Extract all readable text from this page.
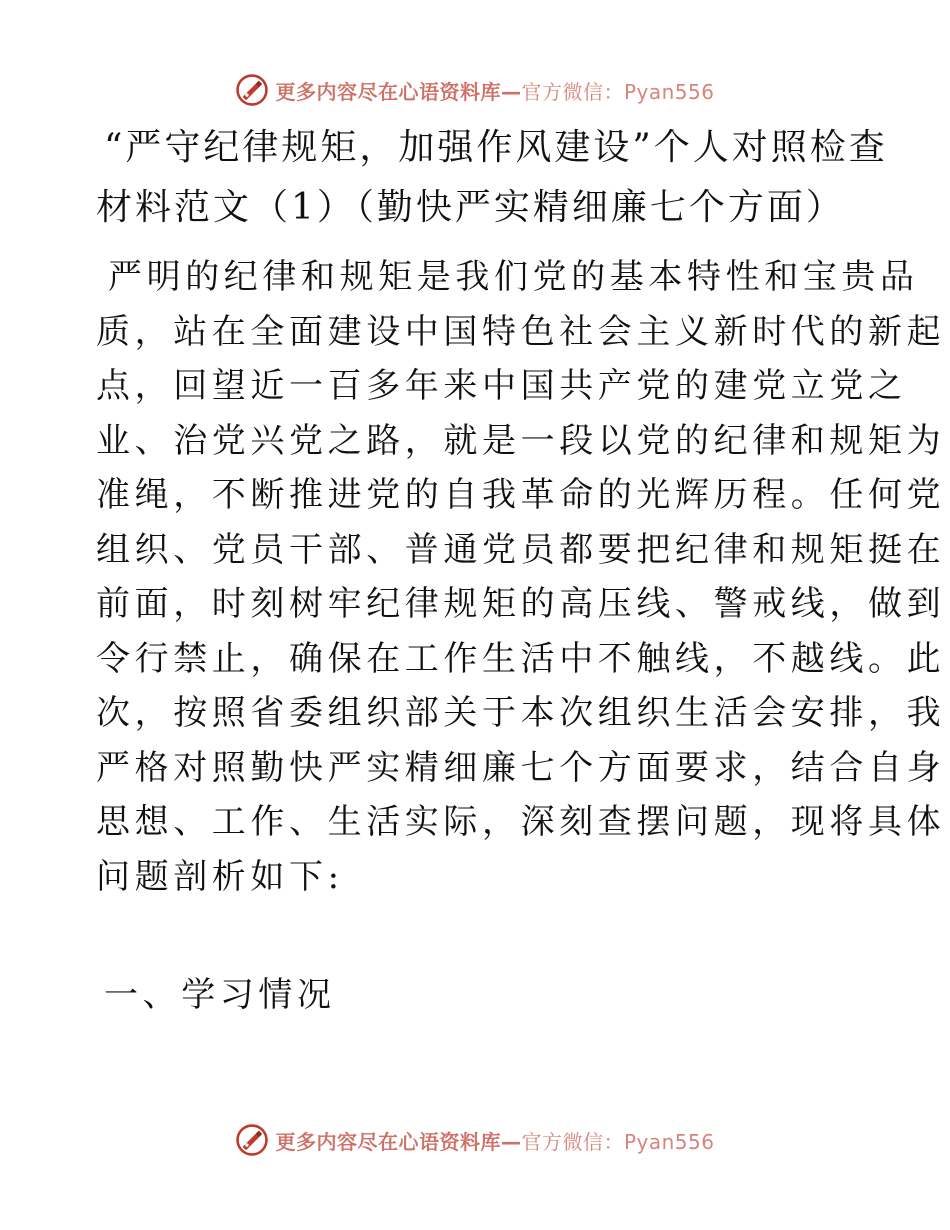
更多内容尽在心语资料库—官方微信：Pyan556
“严守纪律规矩，加强作风建设”个人对照检查
材料范文（1）（勤快严实精细廉七个方面）

严明的纪律和规矩是我们党的基本特性和宝贵品
质，站在全面建设中国特色社会主义新时代的新起
点，回望近一百多年来中国共产党的建党立党之
业、治党兴党之路，就是一段以党的纪律和规矩为
准绳，不断推进党的自我革命的光辉历程。任何党
组织、党员干部、普通党员都要把纪律和规矩挺在
前面，时刻树牢纪律规矩的高压线、警戒线，做到
令行禁止，确保在工作生活中不触线，不越线。此
次，按照省委组织部关于本次组织生活会安排，我
严格对照勤快严实精细廉七个方面要求，结合自身
思想、工作、生活实际，深刻查摆问题，现将具体
问题剖析如下:

一、学习情况
更多内容尽在心语资料库—官方微信：Pyan556
